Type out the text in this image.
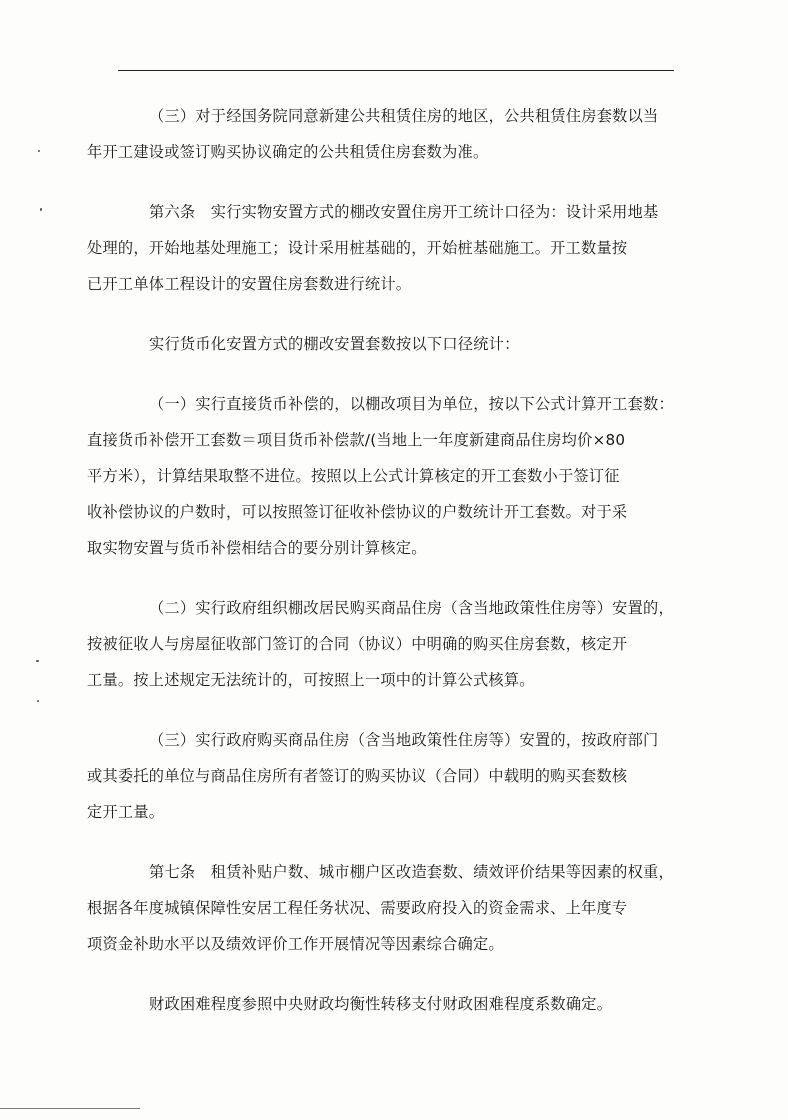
（三）对于经国务院同意新建公共租赁住房的地区，公共租赁住房套数以当
年开工建设或签订购买协议确定的公共租赁住房套数为准。

第六条　实行实物安置方式的棚改安置住房开工统计口径为：设计采用地基
处理的，开始地基处理施工；设计采用桩基础的，开始桩基础施工。开工数量按
已开工单体工程设计的安置住房套数进行统计。

实行货币化安置方式的棚改安置套数按以下口径统计：

（一）实行直接货币补偿的，以棚改项目为单位，按以下公式计算开工套数：
直接货币补偿开工套数＝项目货币补偿款/(当地上一年度新建商品住房均价×80
平方米），计算结果取整不进位。按照以上公式计算核定的开工套数小于签订征
收补偿协议的户数时，可以按照签订征收补偿协议的户数统计开工套数。对于采
取实物安置与货币补偿相结合的要分别计算核定。

（二）实行政府组织棚改居民购买商品住房（含当地政策性住房等）安置的，
按被征收人与房屋征收部门签订的合同（协议）中明确的购买住房套数，核定开
工量。按上述规定无法统计的，可按照上一项中的计算公式核算。

（三）实行政府购买商品住房（含当地政策性住房等）安置的，按政府部门
或其委托的单位与商品住房所有者签订的购买协议（合同）中载明的购买套数核
定开工量。

第七条　租赁补贴户数、城市棚户区改造套数、绩效评价结果等因素的权重，
根据各年度城镇保障性安居工程任务状况、需要政府投入的资金需求、上年度专
项资金补助水平以及绩效评价工作开展情况等因素综合确定。

财政困难程度参照中央财政均衡性转移支付财政困难程度系数确定。
